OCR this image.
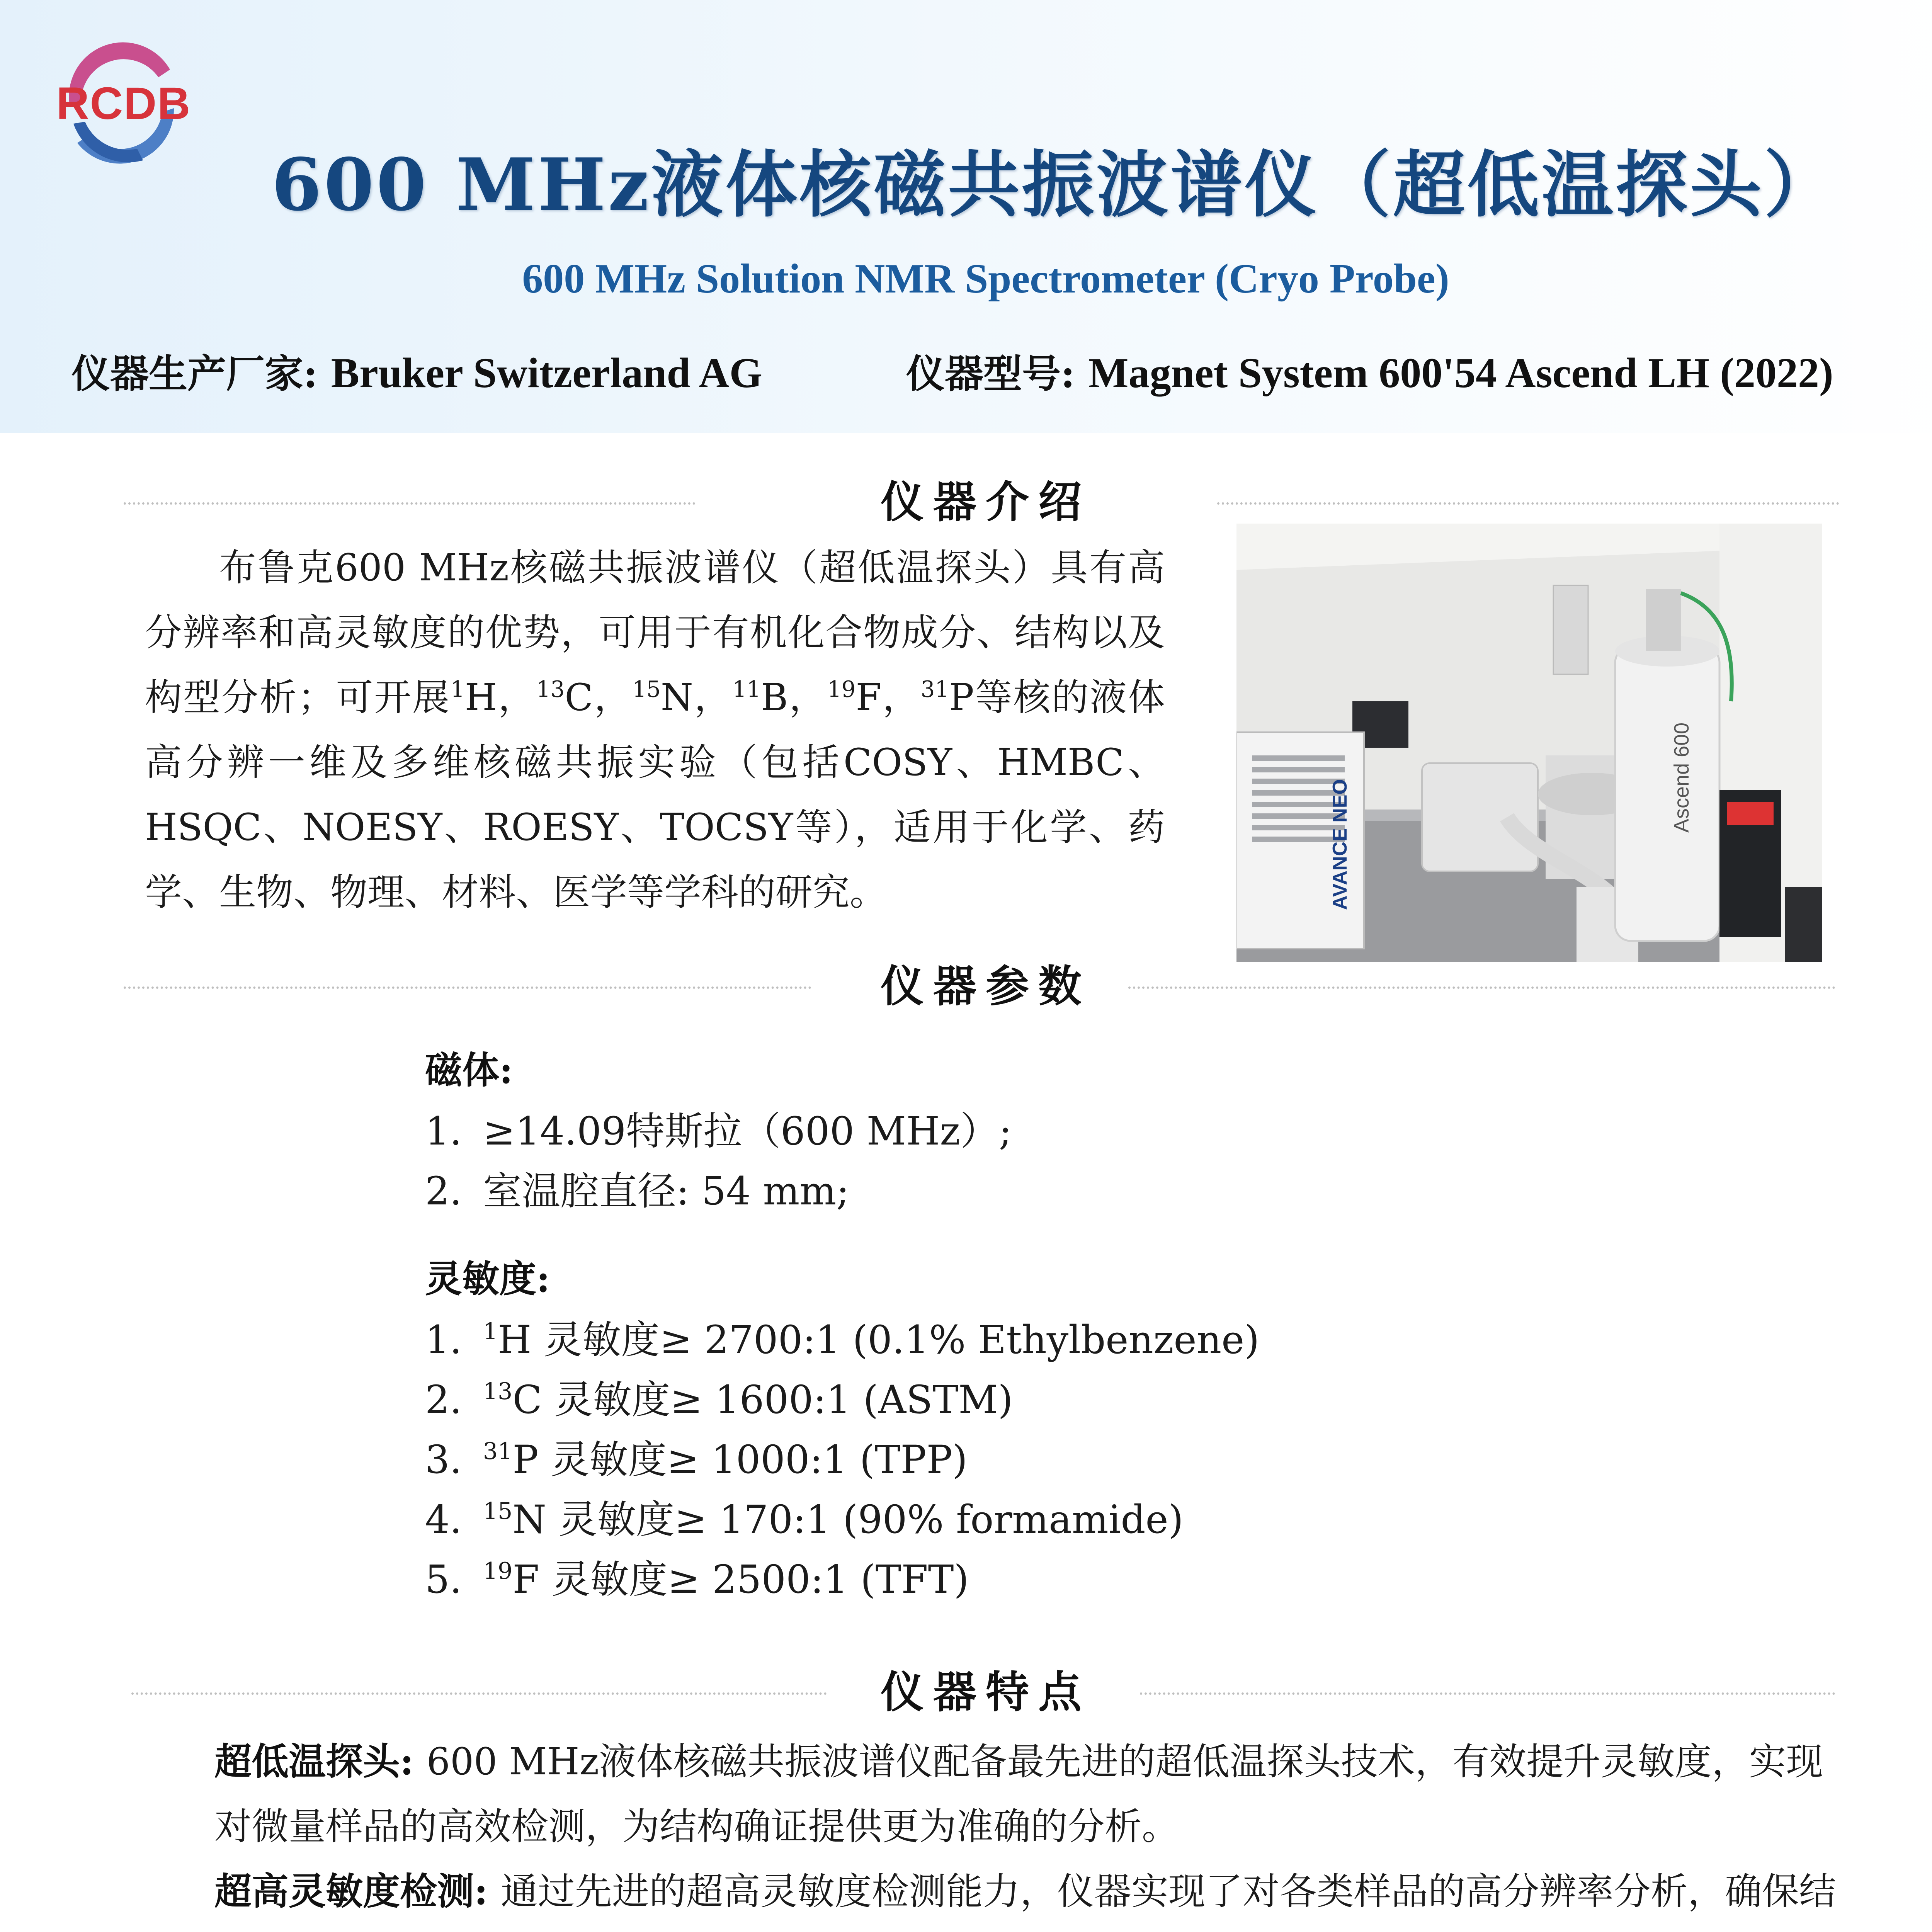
RCDB
600 MHz液体核磁共振波谱仪（超低温探头）
600 MHz Solution NMR Spectrometer (Cryo Probe)
仪器生产厂家: Bruker Switzerland AG	仪器型号: Magnet System 600'54 Ascend LH (2022)
仪器介绍

布鲁克600 MHz核磁共振波谱仪（超低温探头）具有高分辨率和高灵敏度的优势，可用于有机化合物成分、结构以及构型分析；可开展$^1$H，$^{13}$C，$^{15}$N，$^{11}$B，$^{19}$F，$^{31}$P等核的液体高分辨一维及多维核磁共振实验（包括COSY、HMBC、HSQC、NOESY、ROESY、TOCSY等），适用于化学、药学、生物、物理、材料、医学等学科的研究。	AVANCE NEO
Ascend 600
仪器参数
磁体:
1. ≥14.09特斯拉（600 MHz）;
2. 室温腔直径: 54 mm;
灵敏度:
1. $^1$H 灵敏度≥ 2700:1 (0.1% Ethylbenzene)
2. $^{13}$C 灵敏度≥ 1600:1 (ASTM)
3. $^{31}$P 灵敏度≥ 1000:1 (TPP)
4. $^{15}$N 灵敏度≥ 170:1 (90% formamide)
5. $^{19}$F 灵敏度≥ 2500:1 (TFT)
仪器特点

超低温探头: 600 MHz液体核磁共振波谱仪配备最先进的超低温探头技术，有效提升灵敏度，实现对微量样品的高效检测，为结构确证提供更为准确的分析。

超高灵敏度检测: 通过先进的超高灵敏度检测能力，仪器实现了对各类样品的高分辨率分析，确保结
